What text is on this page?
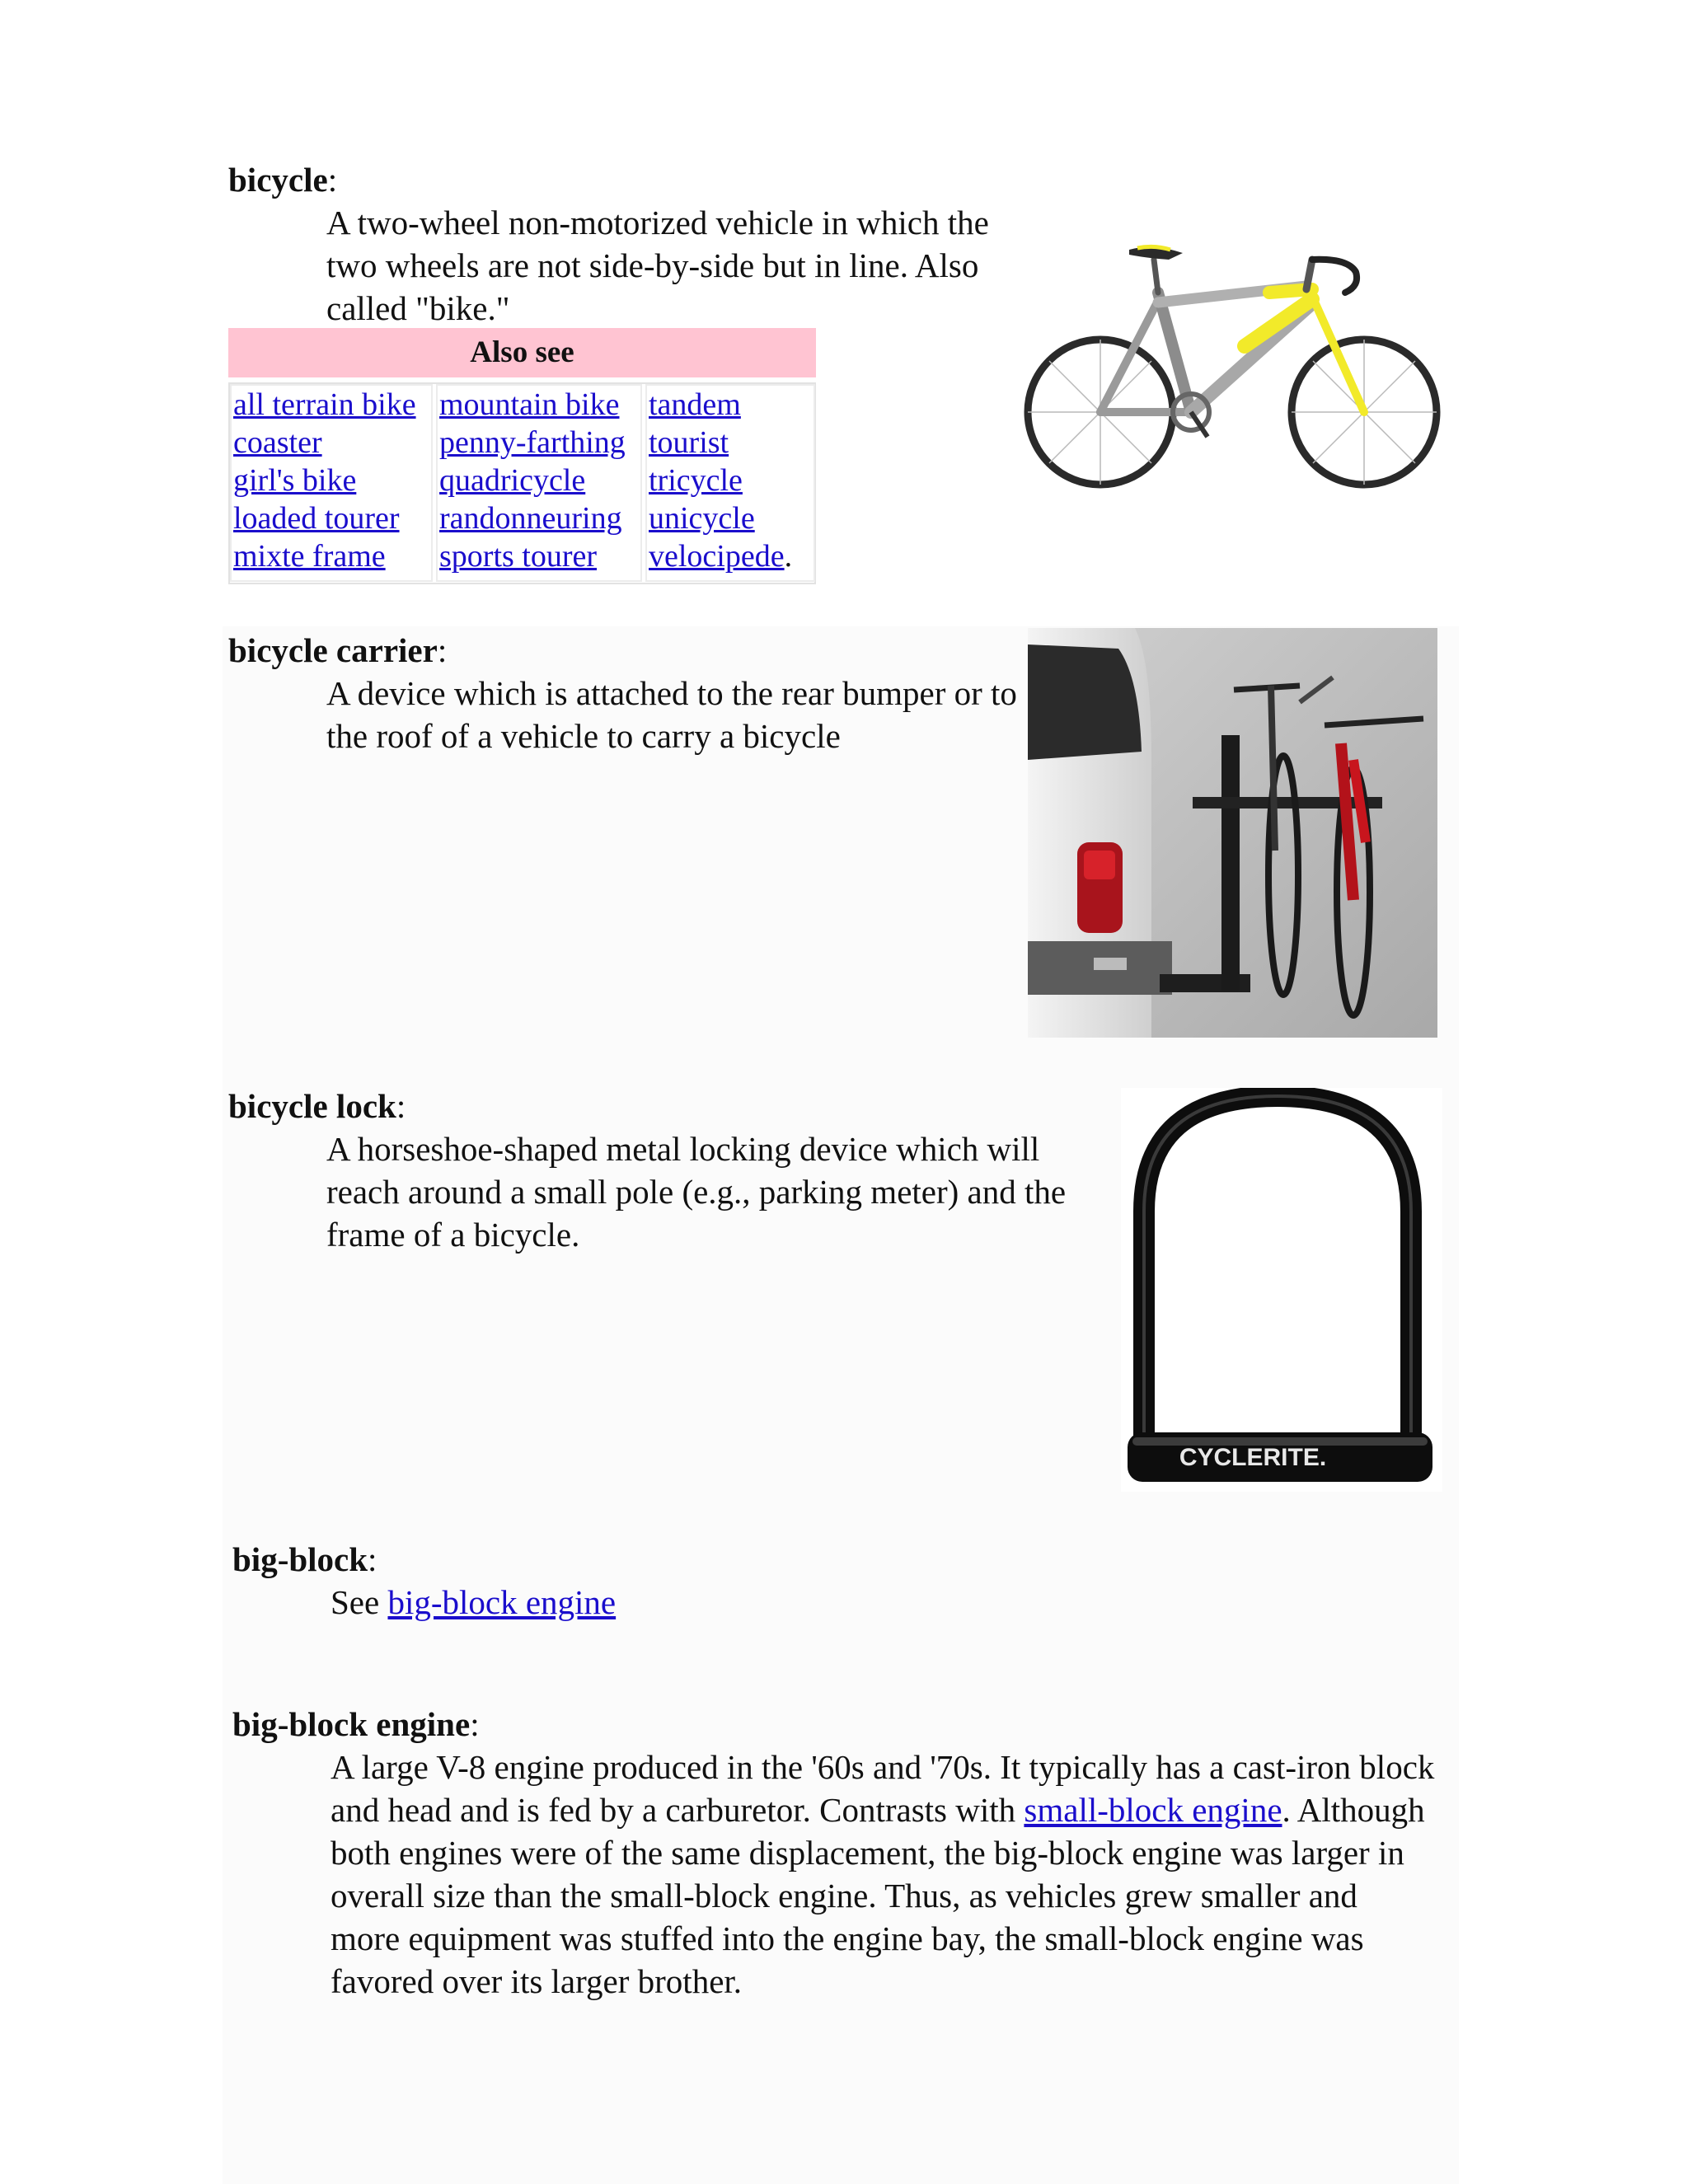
bicycle:
A two-wheel non-motorized vehicle in which the two wheels are not side-by-side but in line. Also called "bike."
Also see
all terrain bike
coaster
girl's bike
loaded tourer
mixte frame
mountain bike
penny-farthing
quadricycle
randonneuring
sports tourer
tandem
tourist
tricycle
unicycle
velocipede.
bicycle carrier:
A device which is attached to the rear bumper or to the roof of a vehicle to carry a bicycle
bicycle lock:
A horseshoe-shaped metal locking device which will reach around a small pole (e.g., parking meter) and the frame of a bicycle.
CYCLERITE.
big-block:
See big-block engine
big-block engine:
A large V-8 engine produced in the '60s and '70s. It typically has a cast-iron block and head and is fed by a carburetor. Contrasts with small-block engine. Although both engines were of the same displacement, the big-block engine was larger in overall size than the small-block engine. Thus, as vehicles grew smaller and more equipment was stuffed into the engine bay, the small-block engine was favored over its larger brother.
